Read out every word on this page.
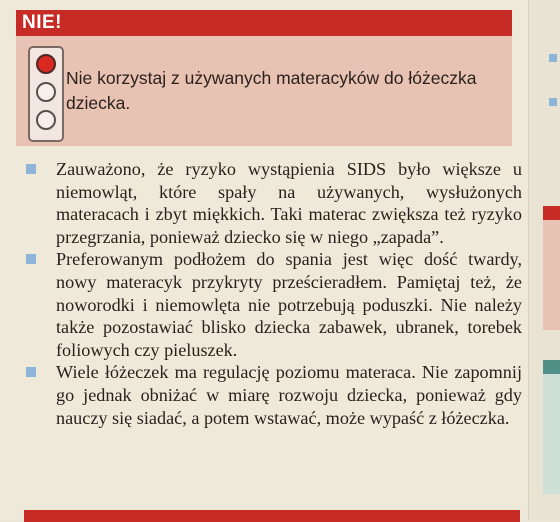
NIE!
Nie korzystaj z używanych materacyków do łóżeczka dziecka.
Zauważono, że ryzyko wystąpienia SIDS było większe u niemowląt, które spały na używanych, wysłużonych materacach i zbyt miękkich. Taki materac zwiększa też ryzyko przegrzania, ponieważ dziecko się w niego „zapada”.
Preferowanym podłożem do spania jest więc dość twardy, nowy materacyk przykryty prześcieradłem. Pamiętaj też, że noworodki i niemowlęta nie potrzebują poduszki. Nie należy także pozostawiać blisko dziecka zabawek, ubranek, torebek foliowych czy pieluszek.
Wiele łóżeczek ma regulację poziomu materaca. Nie zapomnij go jednak obniżać w miarę rozwoju dziecka, ponieważ gdy nauczy się siadać, a potem wstawać, może wypaść z łóżeczka.
